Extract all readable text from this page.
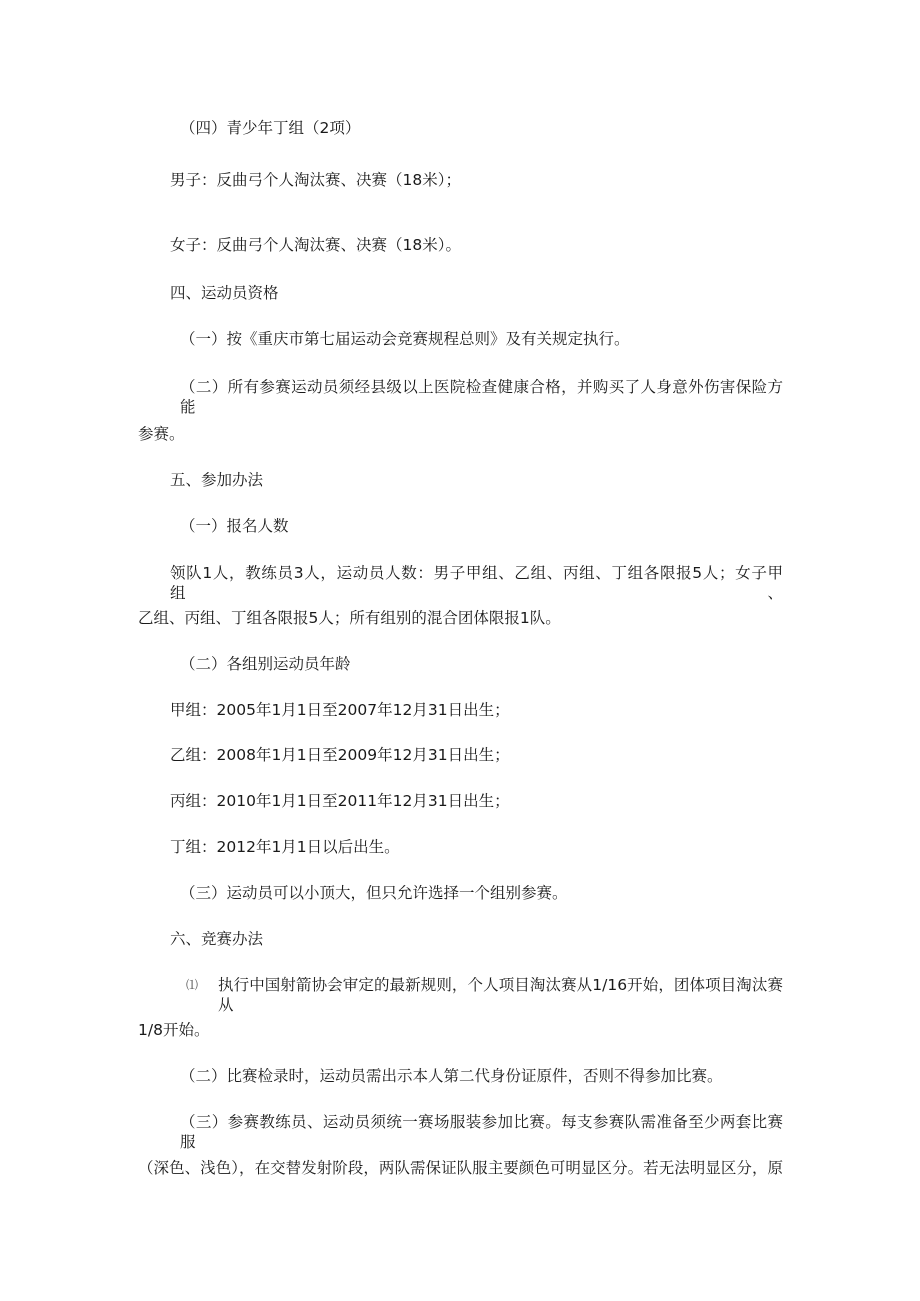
（四）青少年丁组（2项）
男子：反曲弓个人淘汰赛、决赛（18米）；
女子：反曲弓个人淘汰赛、决赛（18米）。
四、运动员资格
（一）按《重庆市第七届运动会竞赛规程总则》及有关规定执行。
（二）所有参赛运动员须经县级以上医院检查健康合格，并购买了人身意外伤害保险方能
参赛。
五、参加办法
（一）报名人数
领队1人，教练员3人，运动员人数：男子甲组、乙组、丙组、丁组各限报5人；女子甲组、
乙组、丙组、丁组各限报5人；所有组别的混合团体限报1队。
（二）各组别运动员年龄
甲组：2005年1月1日至2007年12月31日出生；
乙组：2008年1月1日至2009年12月31日出生；
丙组：2010年1月1日至2011年12月31日出生；
丁组：2012年1月1日以后出生。
（三）运动员可以小顶大，但只允许选择一个组别参赛。
六、竞赛办法
⑴ 执行中国射箭协会审定的最新规则，个人项目淘汰赛从1/16开始，团体项目淘汰赛从
1/8开始。
（二）比赛检录时，运动员需出示本人第二代身份证原件，否则不得参加比赛。
（三）参赛教练员、运动员须统一赛场服装参加比赛。每支参赛队需准备至少两套比赛服
（深色、浅色），在交替发射阶段，两队需保证队服主要颜色可明显区分。若无法明显区分，原
